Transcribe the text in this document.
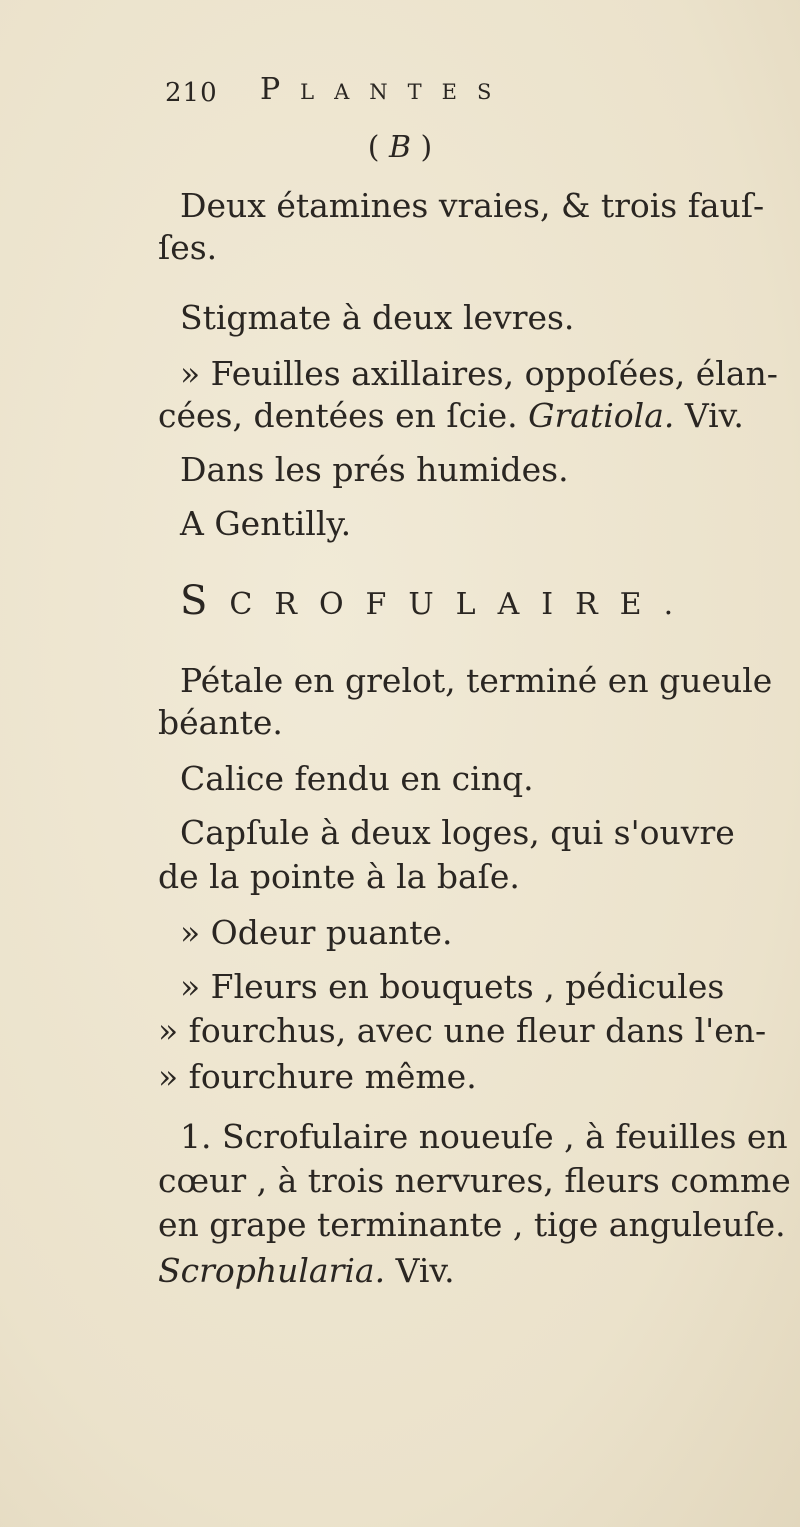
210 Plantes
( B )
Deux étamines vraies, & trois fauſ-
ſes.
Stigmate à deux levres.
» Feuilles axillaires, oppoſées, élan-
cées, dentées en ſcie. Gratiola. Viv.
Dans les prés humides.
A Gentilly.
SCROFULAIRE.
Pétale en grelot, terminé en gueule
béante.
Calice fendu en cinq.
Capſule à deux loges, qui s'ouvre
de la pointe à la baſe.
» Odeur puante.
» Fleurs en bouquets , pédicules
» fourchus, avec une fleur dans l'en-
» fourchure même.
1. Scrofulaire noueuſe , à feuilles en
cœur , à trois nervures, fleurs comme
en grape terminante , tige anguleuſe.
Scrophularia. Viv.
